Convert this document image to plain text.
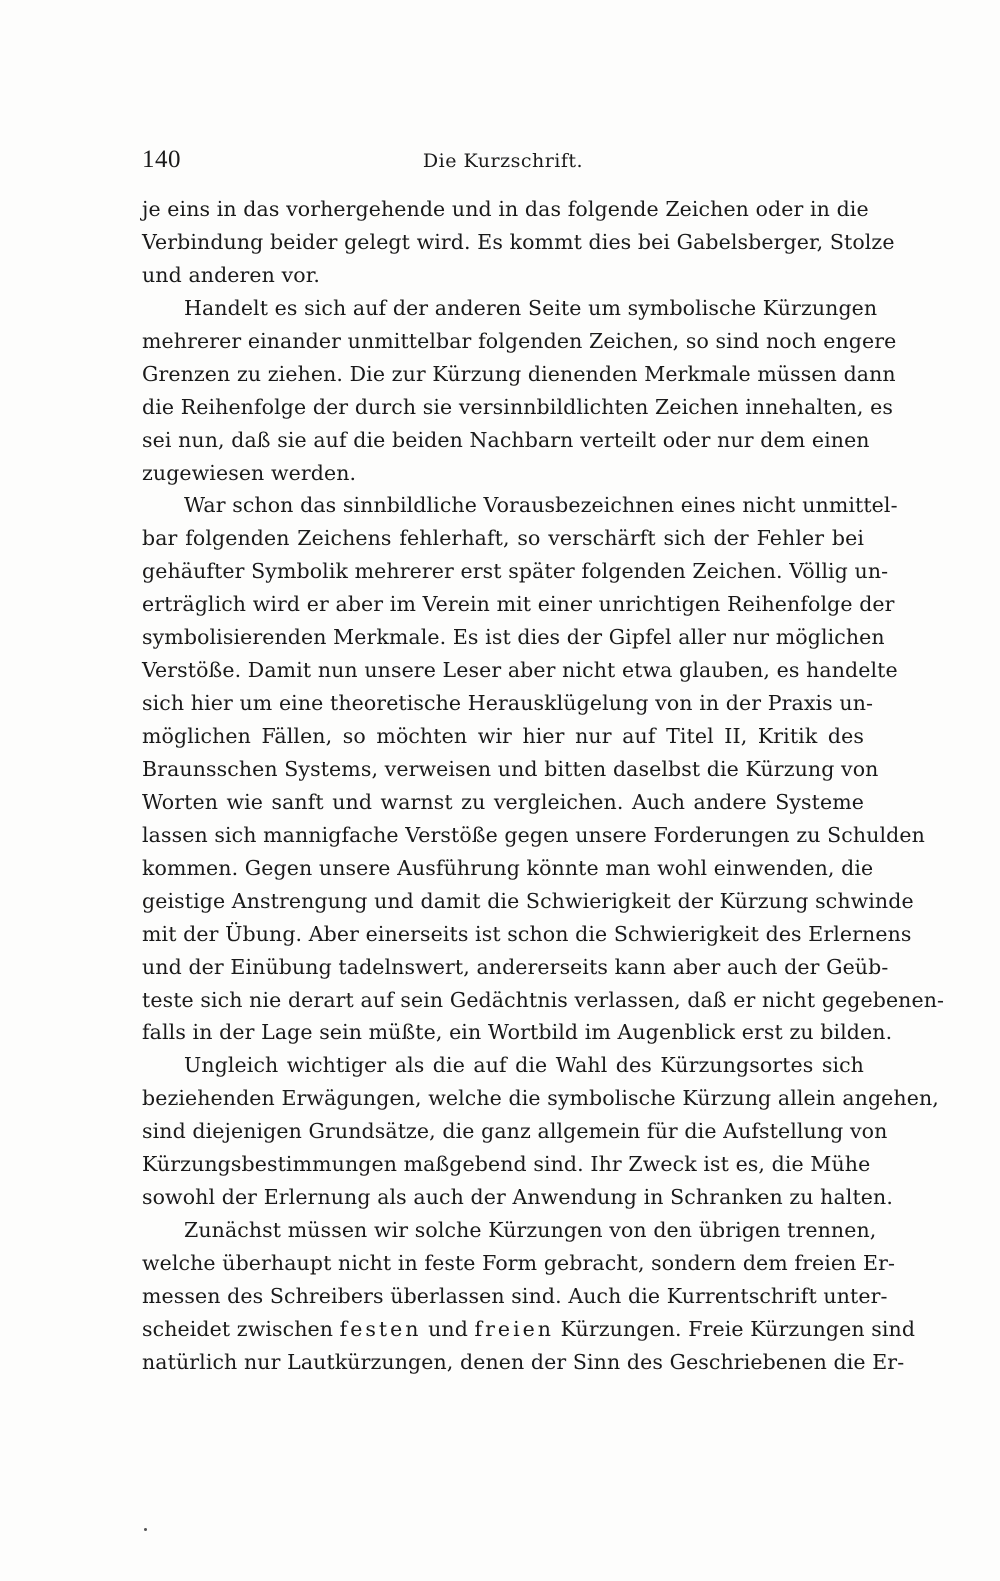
140	Die Kurzschrift.
je eins in das vorhergehende und in das folgende Zeichen oder in die
Verbindung beider gelegt wird. Es kommt dies bei Gabelsberger, Stolze
und anderen vor.
Handelt es sich auf der anderen Seite um symbolische Kürzungen
mehrerer einander unmittelbar folgenden Zeichen, so sind noch engere
Grenzen zu ziehen. Die zur Kürzung dienenden Merkmale müssen dann
die Reihenfolge der durch sie versinnbildlichten Zeichen innehalten, es
sei nun, daß sie auf die beiden Nachbarn verteilt oder nur dem einen
zugewiesen werden.
War schon das sinnbildliche Vorausbezeichnen eines nicht unmittel-
bar folgenden Zeichens fehlerhaft, so verschärft sich der Fehler bei
gehäufter Symbolik mehrerer erst später folgenden Zeichen. Völlig un-
erträglich wird er aber im Verein mit einer unrichtigen Reihenfolge der
symbolisierenden Merkmale. Es ist dies der Gipfel aller nur möglichen
Verstöße. Damit nun unsere Leser aber nicht etwa glauben, es handelte
sich hier um eine theoretische Herausklügelung von in der Praxis un-
möglichen Fällen, so möchten wir hier nur auf Titel II, Kritik des
Braunsschen Systems, verweisen und bitten daselbst die Kürzung von
Worten wie sanft und warnst zu vergleichen. Auch andere Systeme
lassen sich mannigfache Verstöße gegen unsere Forderungen zu Schulden
kommen. Gegen unsere Ausführung könnte man wohl einwenden, die
geistige Anstrengung und damit die Schwierigkeit der Kürzung schwinde
mit der Übung. Aber einerseits ist schon die Schwierigkeit des Erlernens
und der Einübung tadelnswert, andererseits kann aber auch der Geüb-
teste sich nie derart auf sein Gedächtnis verlassen, daß er nicht gegebenen-
falls in der Lage sein müßte, ein Wortbild im Augenblick erst zu bilden.
Ungleich wichtiger als die auf die Wahl des Kürzungsortes sich
beziehenden Erwägungen, welche die symbolische Kürzung allein angehen,
sind diejenigen Grundsätze, die ganz allgemein für die Aufstellung von
Kürzungsbestimmungen maßgebend sind. Ihr Zweck ist es, die Mühe
sowohl der Erlernung als auch der Anwendung in Schranken zu halten.
Zunächst müssen wir solche Kürzungen von den übrigen trennen,
welche überhaupt nicht in feste Form gebracht, sondern dem freien Er-
messen des Schreibers überlassen sind. Auch die Kurrentschrift unter-
scheidet zwischen festen und freien Kürzungen. Freie Kürzungen sind
natürlich nur Lautkürzungen, denen der Sinn des Geschriebenen die Er-
